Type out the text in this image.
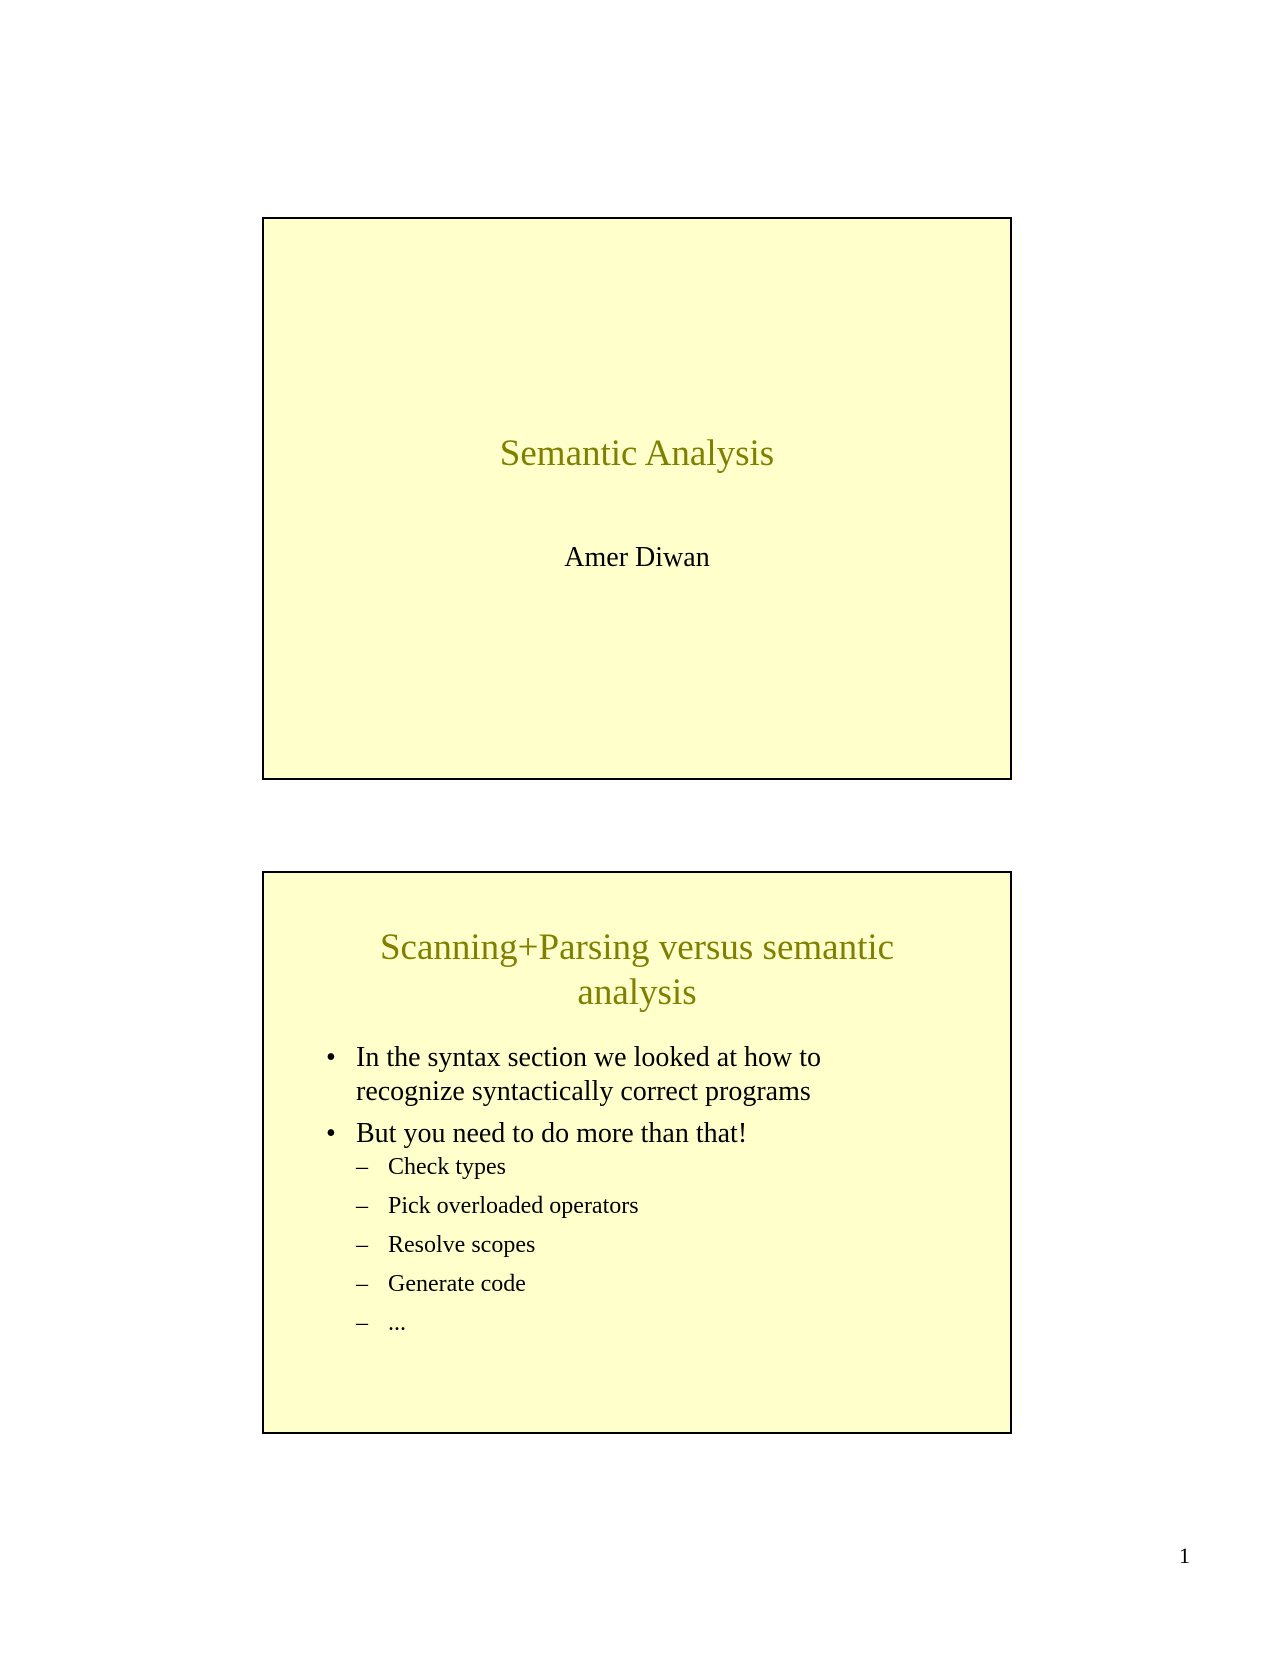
Semantic Analysis
Amer Diwan
Scanning+Parsing versus semantic
analysis
• In the syntax section we looked at how to
recognize syntactically correct programs
• But you need to do more than that!
– Check types
– Pick overloaded operators
– Resolve scopes
– Generate code
– ...
1
